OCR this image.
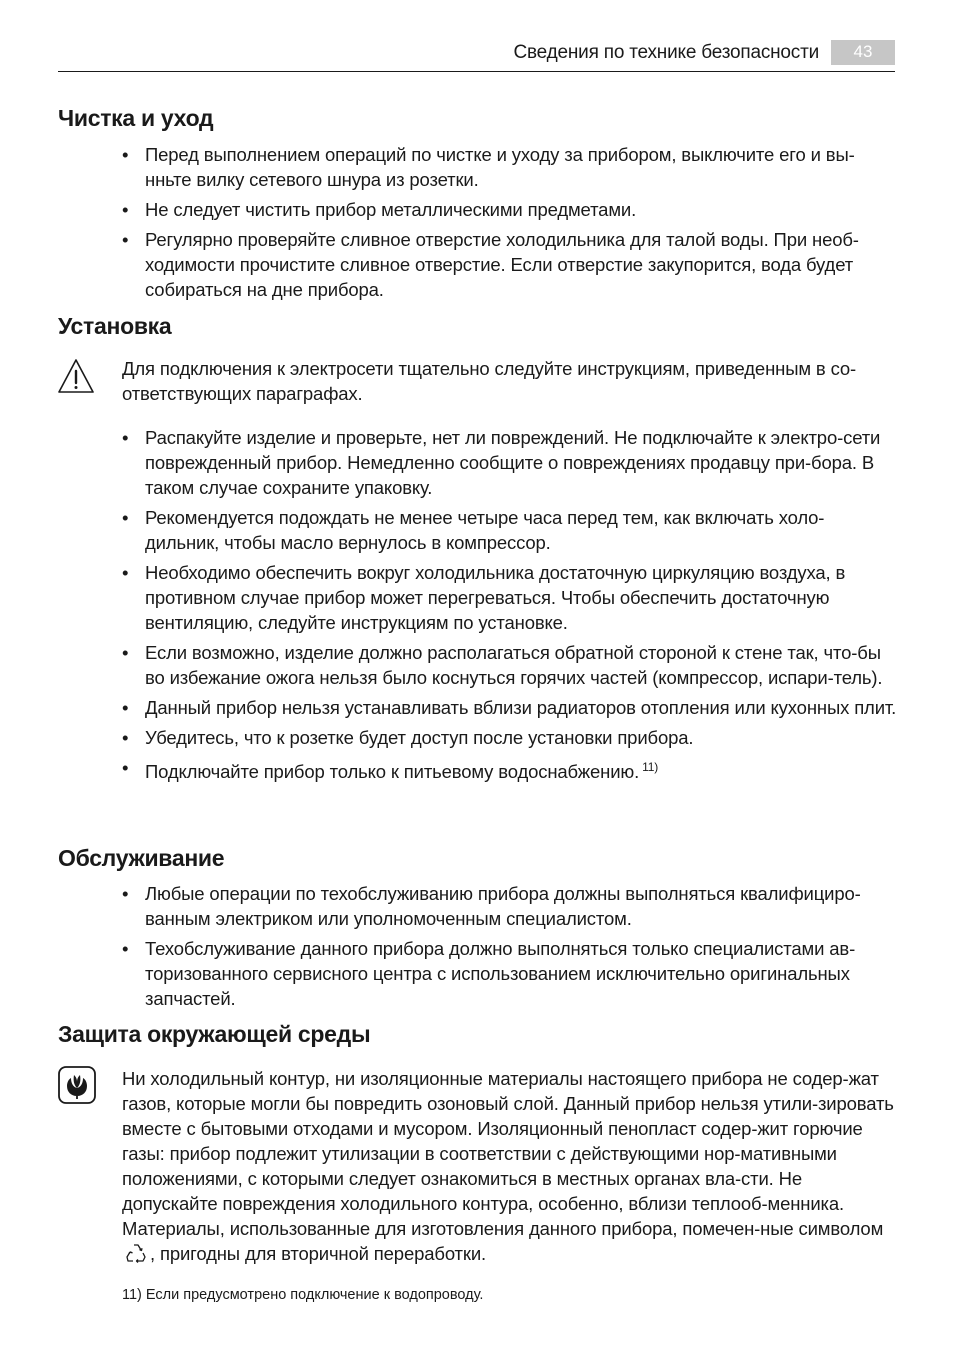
Сведения по технике безопасности	43
Чистка и уход
• Перед выполнением операций по чистке и уходу за прибором, выключите его и вы-нньте вилку сетевого шнура из розетки.
• Не следует чистить прибор металлическими предметами.
• Регулярно проверяйте сливное отверстие холодильника для талой воды. При необ-ходимости прочистите сливное отверстие. Если отверстие закупорится, вода будет собираться на дне прибора.
Установка

Для подключения к электросети тщательно следуйте инструкциям, приведенным в со-ответствующих параграфах.

• Распакуйте изделие и проверьте, нет ли повреждений. Не подключайте к электро-сети поврежденный прибор. Немедленно сообщите о повреждениях продавцу при-бора. В таком случае сохраните упаковку.
• Рекомендуется подождать не менее четыре часа перед тем, как включать холо-дильник, чтобы масло вернулось в компрессор.
• Необходимо обеспечить вокруг холодильника достаточную циркуляцию воздуха, в противном случае прибор может перегреваться. Чтобы обеспечить достаточную вентиляцию, следуйте инструкциям по установке.
• Если возможно, изделие должно располагаться обратной стороной к стене так, что-бы во избежание ожога нельзя было коснуться горячих частей (компрессор, испари-тель).
• Данный прибор нельзя устанавливать вблизи радиаторов отопления или кухонных плит.
• Убедитесь, что к розетке будет доступ после установки прибора.
• Подключайте прибор только к питьевому водоснабжению. $^{11)}$
Обслуживание
• Любые операции по техобслуживанию прибора должны выполняться квалифициро-ванным электриком или уполномоченным специалистом.
• Техобслуживание данного прибора должно выполняться только специалистами ав-торизованного сервисного центра с использованием исключительно оригинальных запчастей.
Защита окружающей среды

Ни холодильный контур, ни изоляционные материалы настоящего прибора не содер-жат газов, которые могли бы повредить озоновый слой. Данный прибор нельзя утили-зировать вместе с бытовыми отходами и мусором. Изоляционный пенопласт содер-жит горючие газы: прибор подлежит утилизации в соответствии с действующими нор-мативными положениями, с которыми следует ознакомиться в местных органах вла-сти. Не допускайте повреждения холодильного контура, особенно, вблизи теплооб-менника. Материалы, использованные для изготовления данного прибора, помечен-ные символом , пригодны для вторичной переработки.

11) Если предусмотрено подключение к водопроводу.
